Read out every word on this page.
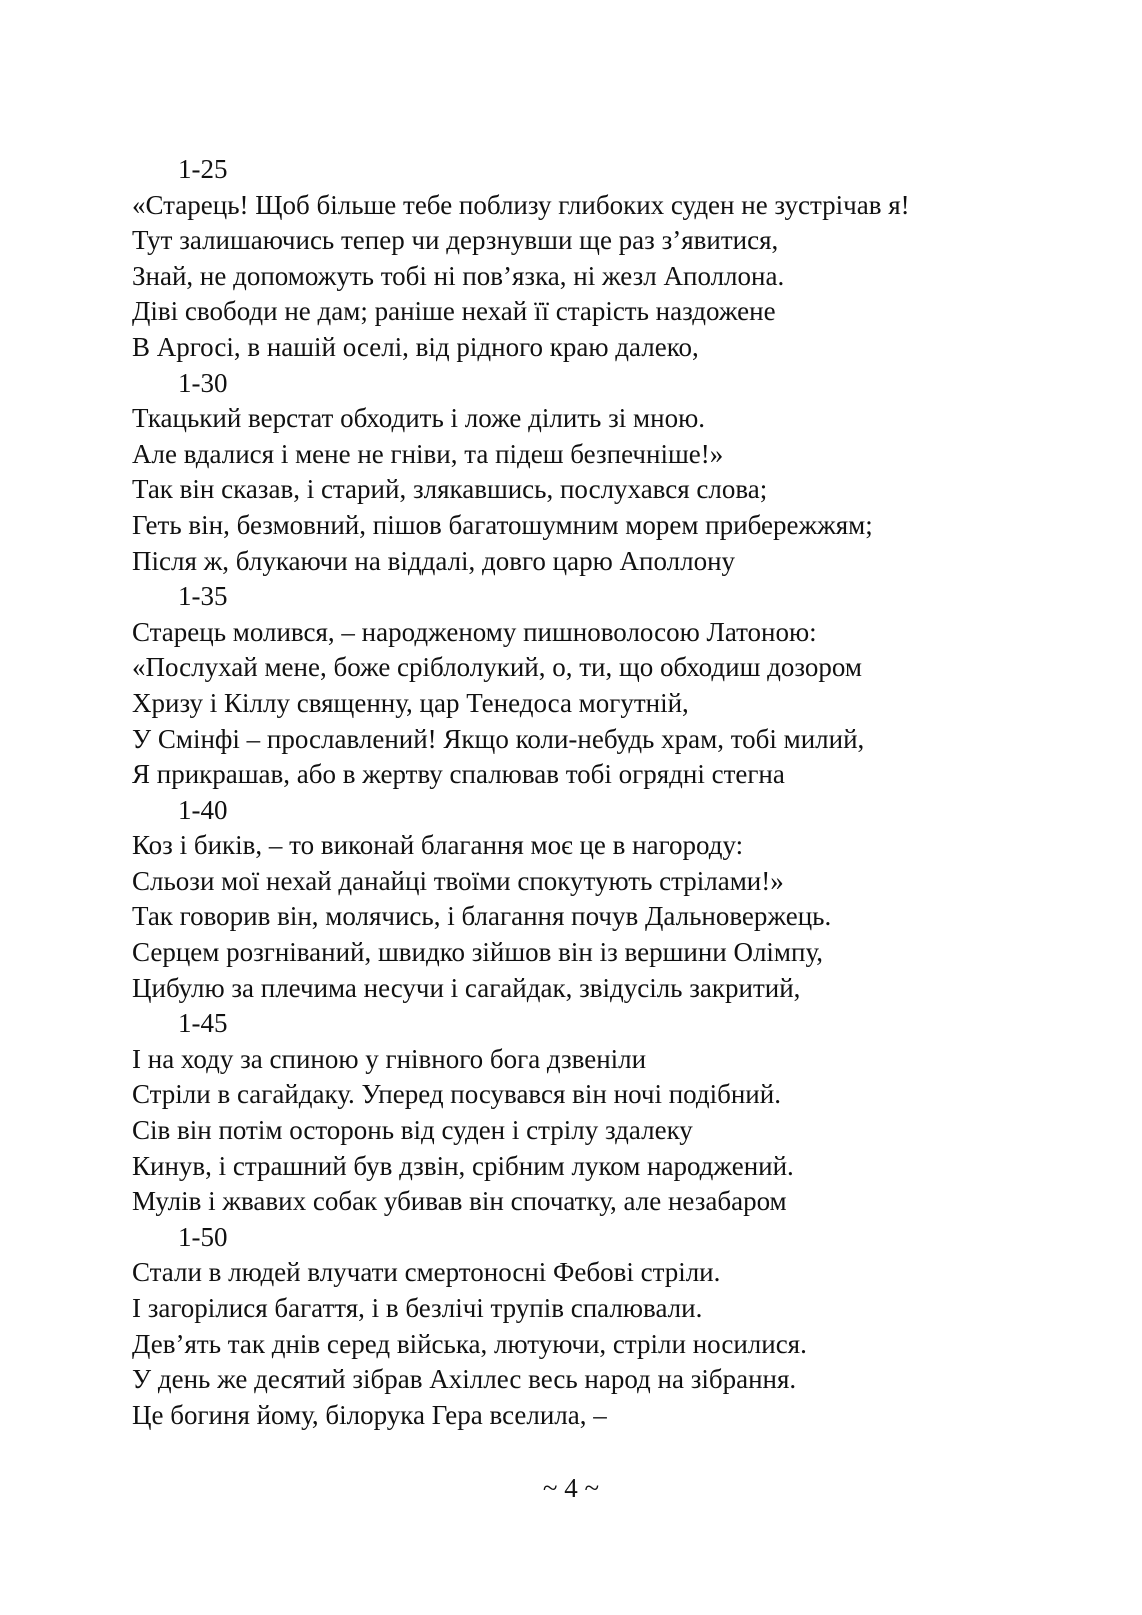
1-25
«Старець! Щоб більше тебе поблизу глибоких суден не зустрічав я!
Тут залишаючись тепер чи дерзнувши ще раз з’явитися,
Знай, не допоможуть тобі ні пов’язка, ні жезл Аполлона.
Діві свободи не дам; раніше нехай її старість наздожене
В Аргосі, в нашій оселі, від рідного краю далеко,
1-30
Ткацький верстат обходить і ложе ділить зі мною.
Але вдалися і мене не гніви, та підеш безпечніше!»
Так він сказав, і старий, злякавшись, послухався слова;
Геть він, безмовний, пішов багатошумним морем прибережжям;
Після ж, блукаючи на віддалі, довго царю Аполлону
1-35
Старець молився, – народженому пишноволосою Латоною:
«Послухай мене, боже сріблолукий, о, ти, що обходиш дозором
Хризу і Кіллу священну, цар Тенедоса могутній,
У Смінфі – прославлений! Якщо коли-небудь храм, тобі милий,
Я прикрашав, або в жертву спалював тобі огрядні стегна
1-40
Коз і биків, – то виконай благання моє це в нагороду:
Сльози мої нехай данайці твоїми спокутують стрілами!»
Так говорив він, молячись, і благання почув Дальновержець.
Серцем розгніваний, швидко зійшов він із вершини Олімпу,
Цибулю за плечима несучи і сагайдак, звідусіль закритий,
1-45
І на ходу за спиною у гнівного бога дзвеніли
Стріли в сагайдаку. Уперед посувався він ночі подібний.
Сів він потім осторонь від суден і стрілу здалеку
Кинув, і страшний був дзвін, срібним луком народжений.
Мулів і жвавих собак убивав він спочатку, але незабаром
1-50
Стали в людей влучати смертоносні Фебові стріли.
І загорілися багаття, і в безлічі трупів спалювали.
Дев’ять так днів серед війська, лютуючи, стріли носилися.
У день же десятий зібрав Ахіллес весь народ на зібрання.
Це богиня йому, білорука Гера вселила, –
~ 4 ~
